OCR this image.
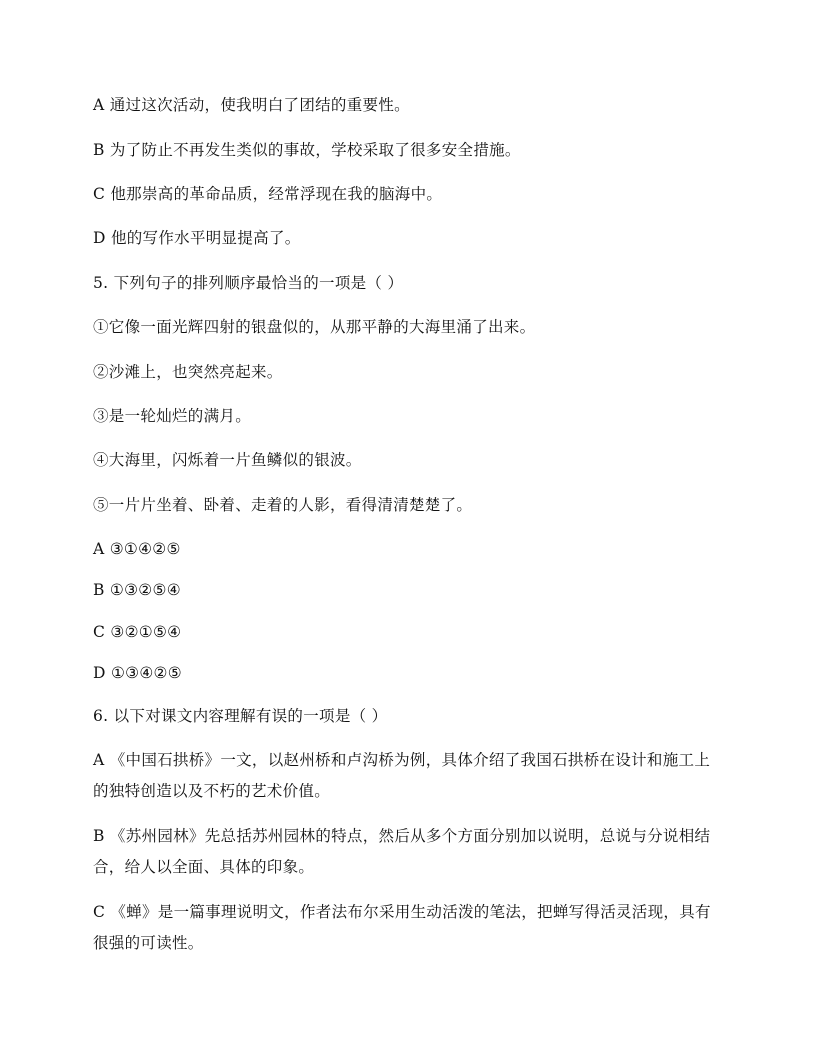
A 通过这次活动，使我明白了团结的重要性。
B 为了防止不再发生类似的事故，学校采取了很多安全措施。
C 他那崇高的革命品质，经常浮现在我的脑海中。
D 他的写作水平明显提高了。
5. 下列句子的排列顺序最恰当的一项是（ ）
①它像一面光辉四射的银盘似的，从那平静的大海里涌了出来。
②沙滩上，也突然亮起来。
③是一轮灿烂的满月。
④大海里，闪烁着一片鱼鳞似的银波。
⑤一片片坐着、卧着、走着的人影，看得清清楚楚了。
A ③①④②⑤
B ①③②⑤④
C ③②①⑤④
D ①③④②⑤
6. 以下对课文内容理解有误的一项是（ ）
A 《中国石拱桥》一文，以赵州桥和卢沟桥为例，具体介绍了我国石拱桥在设计和施工上
的独特创造以及不朽的艺术价值。
B 《苏州园林》先总括苏州园林的特点，然后从多个方面分别加以说明，总说与分说相结
合，给人以全面、具体的印象。
C 《蝉》是一篇事理说明文，作者法布尔采用生动活泼的笔法，把蝉写得活灵活现，具有
很强的可读性。
